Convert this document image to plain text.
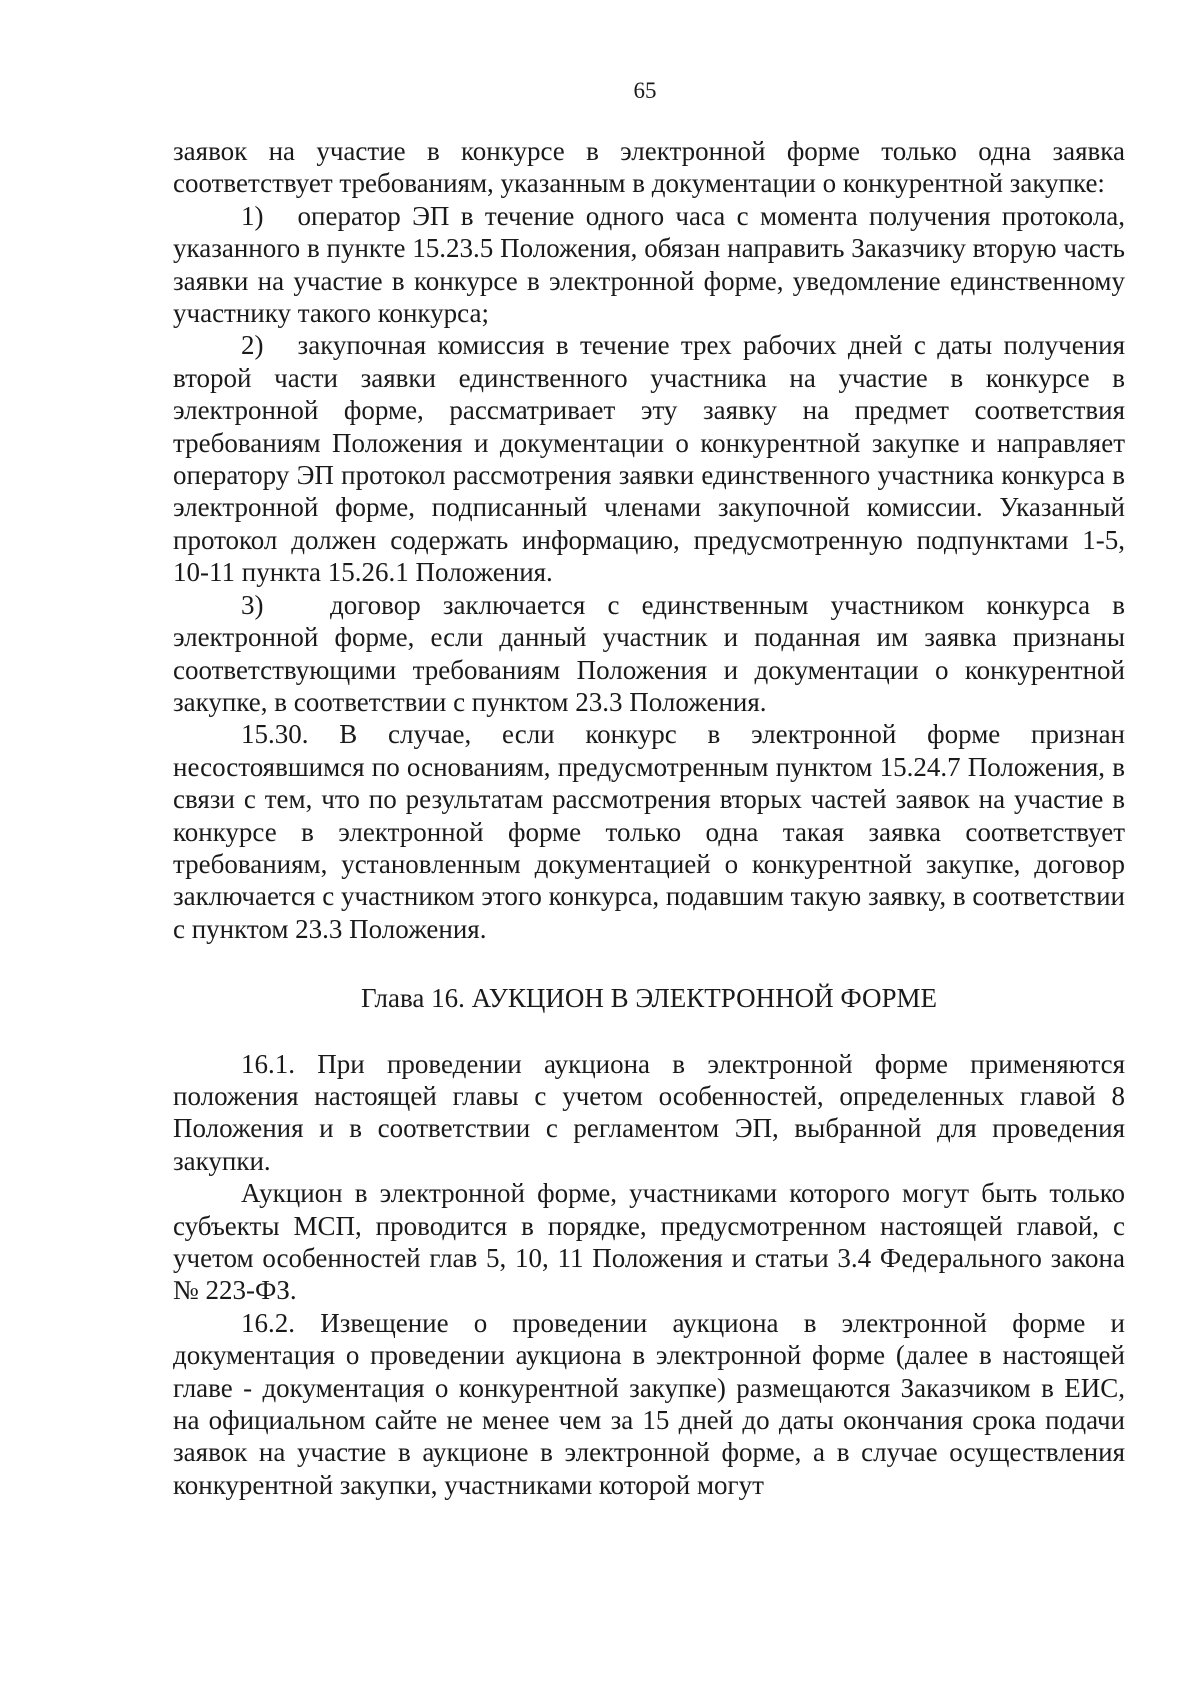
65

заявок на участие в конкурсе в электронной форме только одна заявка соответствует требованиям, указанным в документации о конкурентной закупке:

1)   оператор ЭП в течение одного часа с момента получения протокола, указанного в пункте 15.23.5 Положения, обязан направить Заказчику вторую часть заявки на участие в конкурсе в электронной форме, уведомление единственному участнику такого конкурса;

2)   закупочная комиссия в течение трех рабочих дней с даты получения второй части заявки единственного участника на участие в конкурсе в электронной форме, рассматривает эту заявку на предмет соответствия требованиям Положения и документации о конкурентной закупке и направляет оператору ЭП протокол рассмотрения заявки единственного участника конкурса в электронной форме, подписанный членами закупочной комиссии. Указанный протокол должен содержать информацию, предусмотренную подпунктами 1-5, 10-11 пункта 15.26.1 Положения.

3)   договор заключается с единственным участником конкурса в электронной форме, если данный участник и поданная им заявка признаны соответствующими требованиям Положения и документации о конкурентной закупке, в соответствии с пунктом 23.3 Положения.

15.30. В случае, если конкурс в электронной форме признан несостоявшимся по основаниям, предусмотренным пунктом 15.24.7 Положения, в связи с тем, что по результатам рассмотрения вторых частей заявок на участие в конкурсе в электронной форме только одна такая заявка соответствует требованиям, установленным документацией о конкурентной закупке, договор заключается с участником этого конкурса, подавшим такую заявку, в соответствии с пунктом 23.3 Положения.

Глава 16. АУКЦИОН В ЭЛЕКТРОННОЙ ФОРМЕ

16.1. При проведении аукциона в электронной форме применяются положения настоящей главы с учетом особенностей, определенных главой 8 Положения и в соответствии с регламентом ЭП, выбранной для проведения закупки.

Аукцион в электронной форме, участниками которого могут быть только субъекты МСП, проводится в порядке, предусмотренном настоящей главой, с учетом особенностей глав 5, 10, 11 Положения и статьи 3.4 Федерального закона № 223-ФЗ.

16.2. Извещение о проведении аукциона в электронной форме и документация о проведении аукциона в электронной форме (далее в настоящей главе - документация о конкурентной закупке) размещаются Заказчиком в ЕИС, на официальном сайте не менее чем за 15 дней до даты окончания срока подачи заявок на участие в аукционе в электронной форме, а в случае осуществления конкурентной закупки, участниками которой могут
